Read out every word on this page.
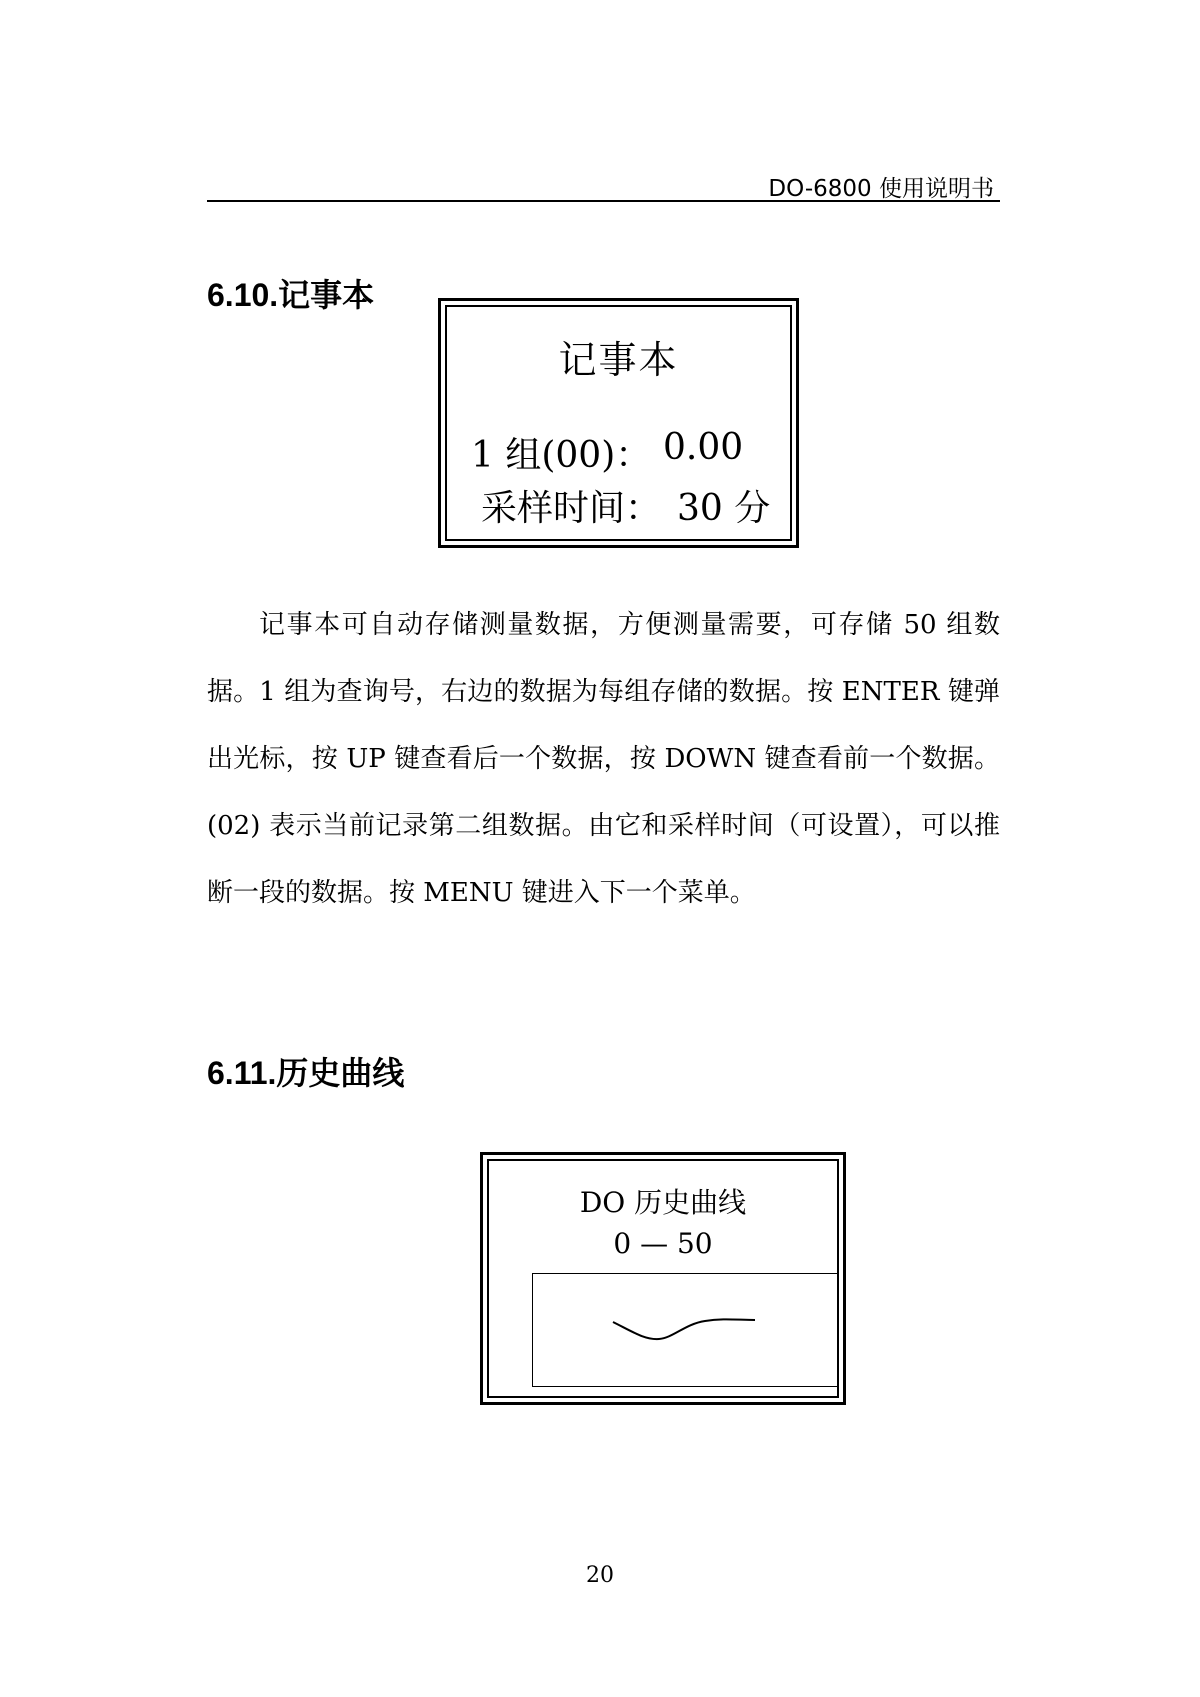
DO-6800 使用说明书
6.10.记事本
记事本
1 组(00)： 0.00
采样时间： 30 分

记事本可自动存储测量数据，方便测量需要，可存储 50 组数据。1 组为查询号，右边的数据为每组存储的数据。按 ENTER 键弹出光标，按 UP 键查看后一个数据，按 DOWN 键查看前一个数据。(02) 表示当前记录第二组数据。由它和采样时间（可设置），可以推断一段的数据。按 MENU 键进入下一个菜单。

6.11.历史曲线
DO 历史曲线
0 — 50
20
